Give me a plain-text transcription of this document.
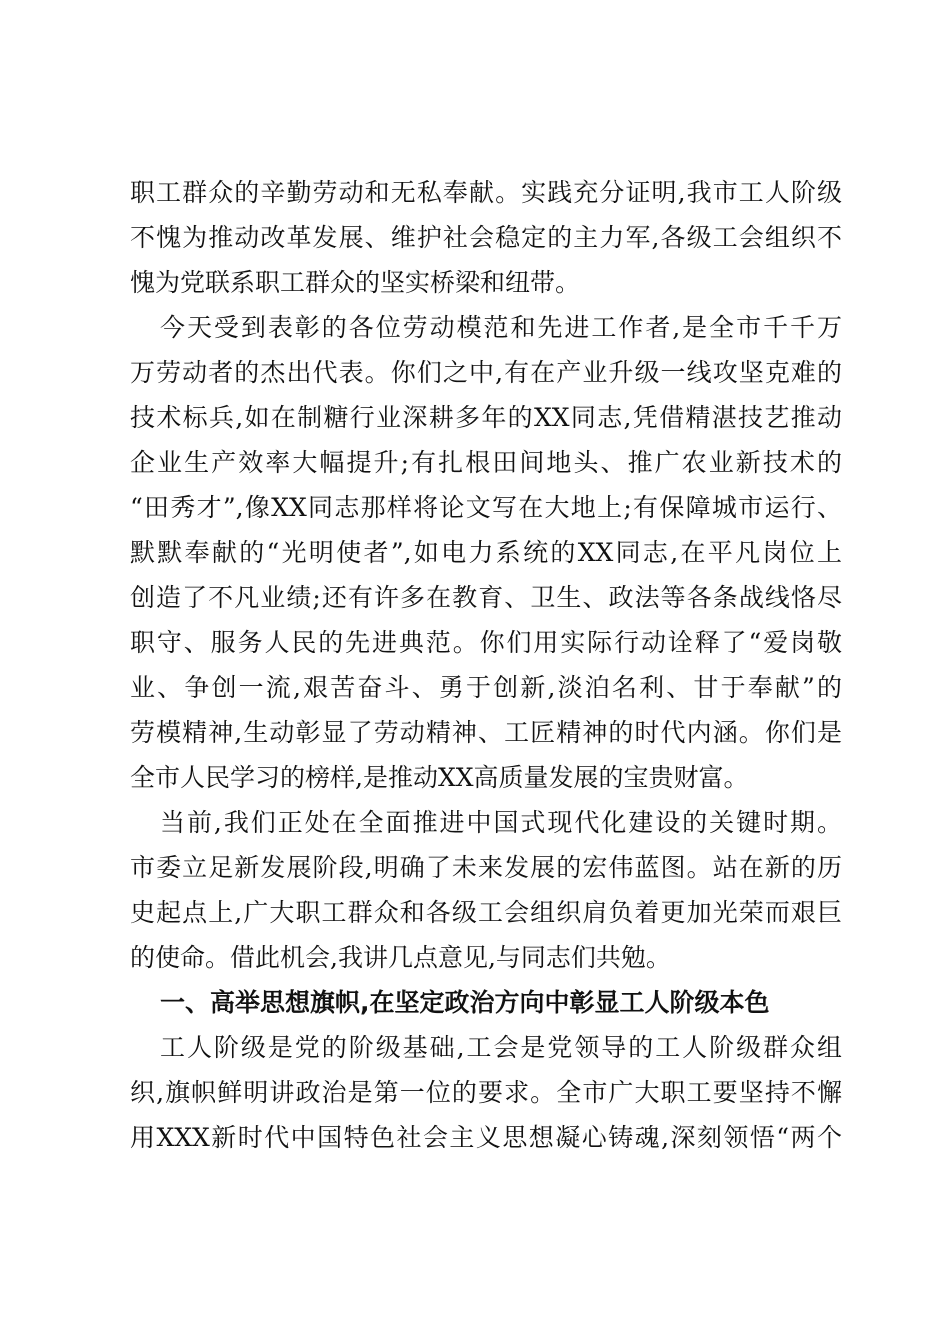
职工群众的辛勤劳动和无私奉献。实践充分证明,我市工人阶级
不愧为推动改革发展、维护社会稳定的主力军,各级工会组织不
愧为党联系职工群众的坚实桥梁和纽带。
今天受到表彰的各位劳动模范和先进工作者,是全市千千万
万劳动者的杰出代表。你们之中,有在产业升级一线攻坚克难的
技术标兵,如在制糖行业深耕多年的XX同志,凭借精湛技艺推动
企业生产效率大幅提升;有扎根田间地头、推广农业新技术的
“田秀才”,像XX同志那样将论文写在大地上;有保障城市运行、
默默奉献的“光明使者”,如电力系统的XX同志,在平凡岗位上
创造了不凡业绩;还有许多在教育、卫生、政法等各条战线恪尽
职守、服务人民的先进典范。你们用实际行动诠释了“爱岗敬
业、争创一流,艰苦奋斗、勇于创新,淡泊名利、甘于奉献”的
劳模精神,生动彰显了劳动精神、工匠精神的时代内涵。你们是
全市人民学习的榜样,是推动XX高质量发展的宝贵财富。
当前,我们正处在全面推进中国式现代化建设的关键时期。
市委立足新发展阶段,明确了未来发展的宏伟蓝图。站在新的历
史起点上,广大职工群众和各级工会组织肩负着更加光荣而艰巨
的使命。借此机会,我讲几点意见,与同志们共勉。
一、高举思想旗帜,在坚定政治方向中彰显工人阶级本色
工人阶级是党的阶级基础,工会是党领导的工人阶级群众组
织,旗帜鲜明讲政治是第一位的要求。全市广大职工要坚持不懈
用XXX新时代中国特色社会主义思想凝心铸魂,深刻领悟“两个
